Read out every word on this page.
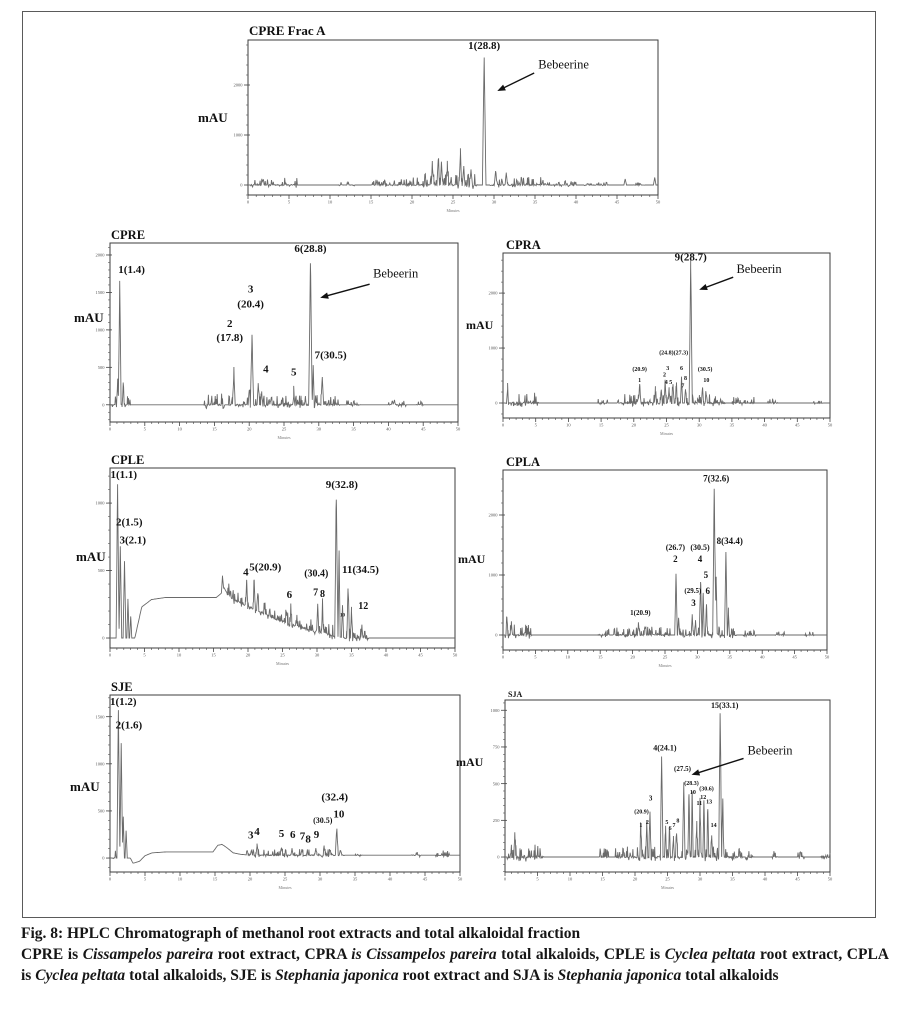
CPRE Frac A
mAU
2000
1000
0
0	5	10	15	20	25	30	35	40	45	50
Minutes
1(28.8)
Bebeerine
CPRE
mAU
2000
1500
1000
500
0
0	5	10	15	20	25	30	35	40	45	50
Minutes
1(1.4)
3
(20.4)
2
(17.8)
4 5
6(28.8)
7(30.5)
Bebeerin
CPRA
mAU
2000
1000
0
0	5	10	15	20	25	30	35	40	45	50
Minutes
9(28.7)
(24.8)(27.3)
(20.9)
1
3
2
4 5
6
8
7
(30.5)
10
Bebeerin
CPLE
mAU
1000
500
0
0	5	10	15	20	25	30	35	40	45	50
Minutes
1(1.1)
2(1.5)
3(2.1)
4 5(20.9)
6
(30.4)
7 8
9(32.8)
10
11(34.5)
12
CPLA
mAU
2000
1000
0
0	5	10	15	20	25	30	35	40	45	50
Minutes
7(32.6)
8(34.4)
(26.7)
2
(30.5)
4
5
(29.5) 6
3
1(20.9)
SJE
mAU
1500
1000
500
0
0	5	10	15	20	25	30	35	40	45	50
Minutes
1(1.2)
2(1.6)
3 4 5 6 7 8 9
(32.4)
(30.5)
10
SJA
mAU
1000
750
500
250
0
0	5	10	15	20	25	30	35	40	45	50
Minutes
15(33.1)
4(24.1)
(27.5)
(28.3)
10
(30.6)
12
11 13
14
3
(20.9)
1 2	5
6 7
8
Bebeerin
Fig. 8: HPLC Chromatograph of methanol root extracts and total alkaloidal fraction

CPRE is Cissampelos pareira root extract, CPRA is Cissampelos pareira total alkaloids, CPLE is Cyclea peltata root extract, CPLA is Cyclea peltata total alkaloids, SJE is Stephania japonica root extract and SJA is Stephania japonica total alkaloids
